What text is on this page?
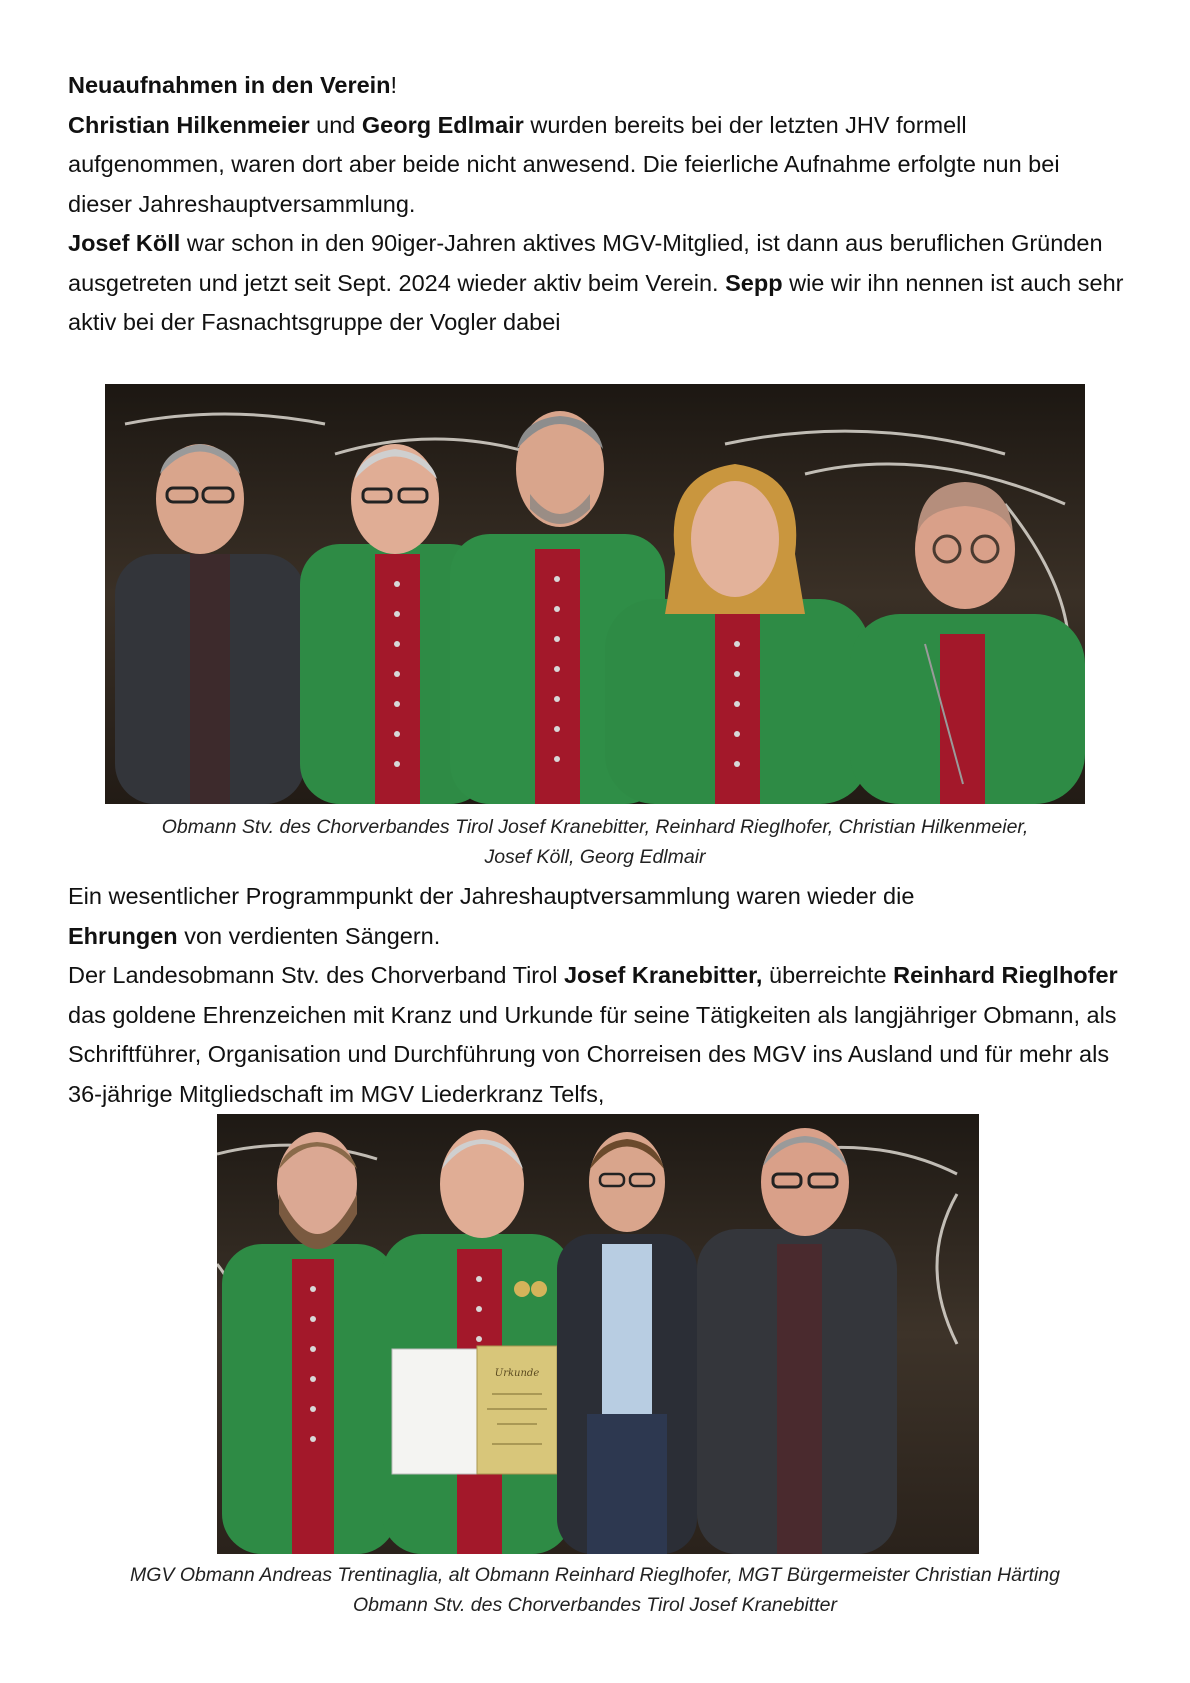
Neuaufnahmen in den Verein!
Christian Hilkenmeier und Georg Edlmair wurden bereits bei der letzten JHV formell aufgenommen, waren dort aber beide nicht anwesend. Die feierliche Aufnahme erfolgte nun bei dieser Jahreshauptversammlung.
Josef Köll war schon in den 90iger-Jahren aktives MGV-Mitglied, ist dann aus beruflichen Gründen ausgetreten und jetzt seit Sept. 2024 wieder aktiv beim Verein. Sepp wie wir ihn nennen ist auch sehr aktiv bei der Fasnachtsgruppe der Vogler dabei

Obmann Stv. des Chorverbandes Tirol Josef Kranebitter, Reinhard Rieglhofer, Christian Hilkenmeier,
Josef Köll, Georg Edlmair

Ein wesentlicher Programmpunkt der Jahreshauptversammlung waren wieder die
Ehrungen von verdienten Sängern.
Der Landesobmann Stv. des Chorverband Tirol Josef Kranebitter, überreichte Reinhard Rieglhofer das goldene Ehrenzeichen mit Kranz und Urkunde für seine Tätigkeiten als langjähriger Obmann, als Schriftführer, Organisation und Durchführung von Chorreisen des MGV ins Ausland und für mehr als 36-jährige Mitgliedschaft im MGV Liederkranz Telfs,

Urkunde

MGV Obmann Andreas Trentinaglia, alt Obmann Reinhard Rieglhofer, MGT Bürgermeister Christian Härting
Obmann Stv. des Chorverbandes Tirol Josef Kranebitter
